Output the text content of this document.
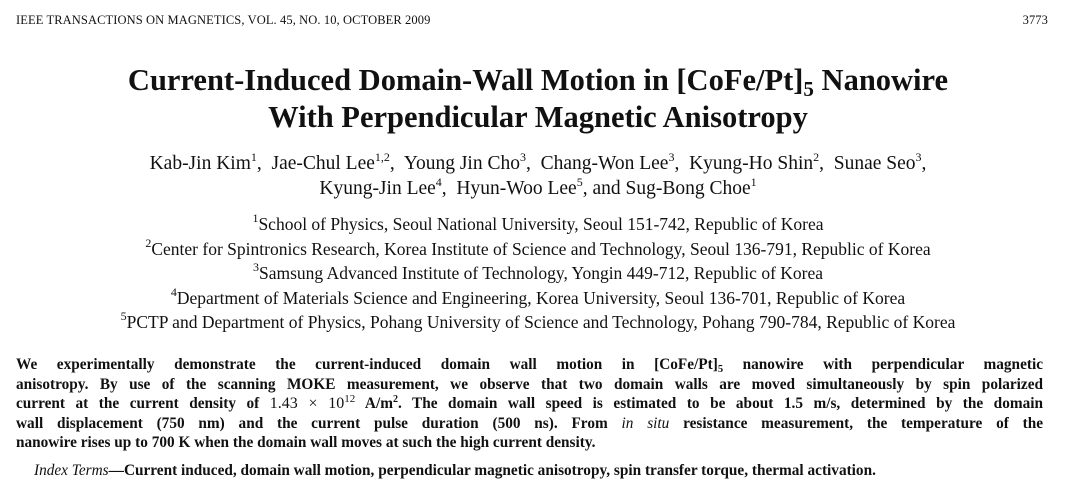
IEEE TRANSACTIONS ON MAGNETICS, VOL. 45, NO. 10, OCTOBER 2009	3773
Current-Induced Domain-Wall Motion in $[CoFe/Pt]_5$ Nanowire
With Perpendicular Magnetic Anisotropy
Kab-Jin Kim$^1$,  Jae-Chul Lee$^{1,2}$,  Young Jin Cho$^3$,  Chang-Won Lee$^3$,  Kyung-Ho Shin$^2$,  Sunae Seo$^3$,
Kyung-Jin Lee$^4$,  Hyun-Woo Lee$^5$, and Sug-Bong Choe$^1$
$^1$School of Physics, Seoul National University, Seoul 151-742, Republic of Korea
$^2$Center for Spintronics Research, Korea Institute of Science and Technology, Seoul 136-791, Republic of Korea
$^3$Samsung Advanced Institute of Technology, Yongin 449-712, Republic of Korea
$^4$Department of Materials Science and Engineering, Korea University, Seoul 136-701, Republic of Korea
$^5$PCTP and Department of Physics, Pohang University of Science and Technology, Pohang 790-784, Republic of Korea
We experimentally demonstrate the current-induced domain wall motion in [CoFe/Pt]5 nanowire with perpendicular magnetic
anisotropy. By use of the scanning MOKE measurement, we observe that two domain walls are moved simultaneously by spin polarized
current at the current density of $1.43 \times 10^{12}$ $A/m^2$. The domain wall speed is estimated to be about 1.5 m/s, determined by the domain
wall displacement (750 nm) and the current pulse duration (500 ns). From in situ resistance measurement, the temperature of the
nanowire rises up to 700 K when the domain wall moves at such the high current density.
Index Terms—Current induced, domain wall motion, perpendicular magnetic anisotropy, spin transfer torque, thermal activation.
